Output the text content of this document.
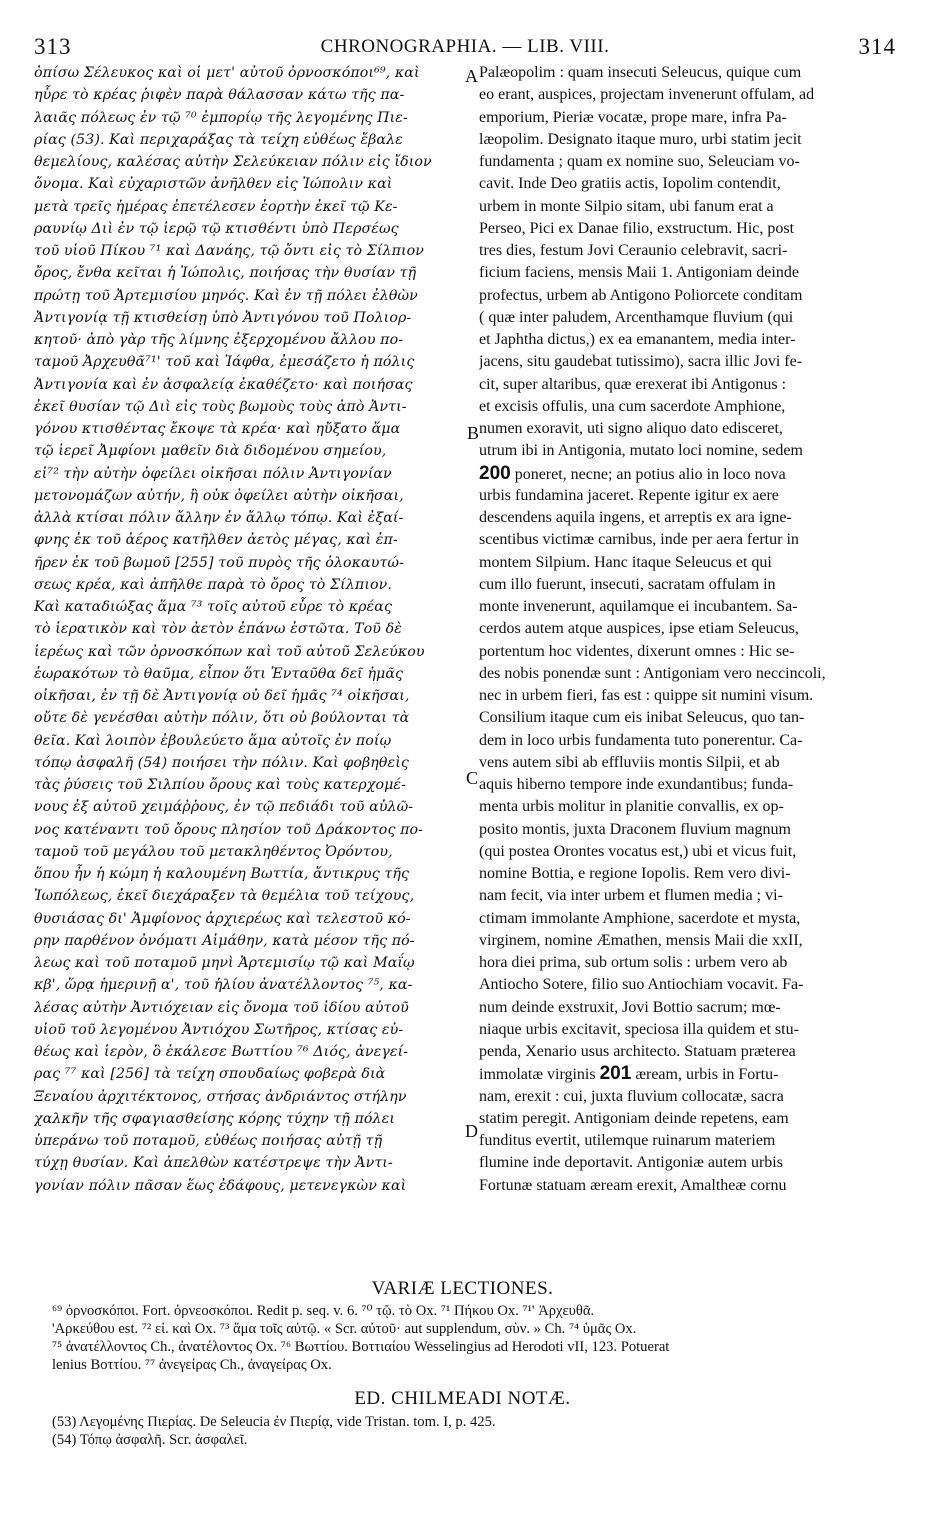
313	CHRONOGRAPHIA. — LIB. VIII.	314
ὀπίσω Σέλευκος καὶ οἱ μετ' αὐτοῦ ὀρνοσκόποι⁶⁹, καὶ
ηὗρε τὸ κρέας ῥιφὲν παρὰ θάλασσαν κάτω τῆς πα-
λαιᾶς πόλεως ἐν τῷ ⁷⁰ ἐμπορίῳ τῆς λεγομένης Πιε-
ρίας (53). Καὶ περιχαράξας τὰ τείχη εὐθέως ἔβαλε
θεμελίους, καλέσας αὐτὴν Σελεύκειαν πόλιν εἰς ἴδιον
ὄνομα. Καὶ εὐχαριστῶν ἀνῆλθεν εἰς Ἰώπολιν καὶ
μετὰ τρεῖς ἡμέρας ἐπετέλεσεν ἑορτὴν ἐκεῖ τῷ Κε-
ραυνίῳ Διὶ ἐν τῷ ἱερῷ τῷ κτισθέντι ὑπὸ Περσέως
τοῦ υἱοῦ Πίκου ⁷¹ καὶ Δανάης, τῷ ὄντι εἰς τὸ Σίλπιον
ὄρος, ἔνθα κεῖται ἡ Ἰώπολις, ποιήσας τὴν θυσίαν τῇ
πρώτῃ τοῦ Ἀρτεμισίου μηνός. Καὶ ἐν τῇ πόλει ἐλθὼν
Ἀντιγονίᾳ τῇ κτισθείσῃ ὑπὸ Ἀντιγόνου τοῦ Πολιορ-
κητοῦ· ἀπὸ γὰρ τῆς λίμνης ἐξερχομένου ἄλλου πο-
ταμοῦ Ἀρχευθᾶ⁷¹' τοῦ καὶ Ἰάφθα, ἐμεσάζετο ἡ πόλις
Ἀντιγονία καὶ ἐν ἀσφαλείᾳ ἐκαθέζετο· καὶ ποιήσας
ἐκεῖ θυσίαν τῷ Διὶ εἰς τοὺς βωμοὺς τοὺς ἀπὸ Ἀντι-
γόνου κτισθέντας ἔκοψε τὰ κρέα· καὶ ηὔξατο ἅμα
τῷ ἱερεῖ Ἀμφίονι μαθεῖν διὰ διδομένου σημείου,
εἰ⁷² τὴν αὐτὴν ὀφείλει οἰκῆσαι πόλιν Ἀντιγονίαν
μετονομάζων αὐτήν, ἢ οὐκ ὀφείλει αὐτὴν οἰκῆσαι,
ἀλλὰ κτίσαι πόλιν ἄλλην ἐν ἄλλῳ τόπῳ. Καὶ ἐξαί-
φνης ἐκ τοῦ ἀέρος κατῆλθεν ἀετὸς μέγας, καὶ ἐπ-
ῆρεν ἐκ τοῦ βωμοῦ [255] τοῦ πυρὸς τῆς ὁλοκαυτώ-
σεως κρέα, καὶ ἀπῆλθε παρὰ τὸ ὄρος τὸ Σίλπιον.
Καὶ καταδιώξας ἅμα ⁷³ τοῖς αὐτοῦ εὗρε τὸ κρέας
τὸ ἱερατικὸν καὶ τὸν ἀετὸν ἐπάνω ἑστῶτα. Τοῦ δὲ
ἱερέως καὶ τῶν ὀρνοσκόπων καὶ τοῦ αὐτοῦ Σελεύκου
ἑωρακότων τὸ θαῦμα, εἶπον ὅτι Ἐνταῦθα δεῖ ἡμᾶς
οἰκῆσαι, ἐν τῇ δὲ Ἀντιγονίᾳ οὐ δεῖ ἡμᾶς ⁷⁴ οἰκῆσαι,
οὔτε δὲ γενέσθαι αὐτὴν πόλιν, ὅτι οὐ βούλονται τὰ
θεῖα. Καὶ λοιπὸν ἐβουλεύετο ἅμα αὐτοῖς ἐν ποίῳ
τόπῳ ἀσφαλῆ (54) ποιήσει τὴν πόλιν. Καὶ φοβηθεὶς
τὰς ῥύσεις τοῦ Σιλπίου ὄρους καὶ τοὺς κατερχομέ-
νους ἐξ αὐτοῦ χειμάῤῥους, ἐν τῷ πεδιάδι τοῦ αὐλῶ-
νος κατέναντι τοῦ ὄρους πλησίον τοῦ Δράκοντος πο-
ταμοῦ τοῦ μεγάλου τοῦ μετακληθέντος Ὀρόντου,
ὅπου ἦν ἡ κώμη ἡ καλουμένη Βωττία, ἄντικρυς τῆς
Ἰωπόλεως, ἐκεῖ διεχάραξεν τὰ θεμέλια τοῦ τείχους,
θυσιάσας δι' Ἀμφίονος ἀρχιερέως καὶ τελεστοῦ κό-
ρην παρθένον ὀνόματι Αἰμάθην, κατὰ μέσον τῆς πό-
λεως καὶ τοῦ ποταμοῦ μηνὶ Ἀρτεμισίῳ τῷ καὶ Μαΐῳ
κβ', ὥρᾳ ἡμερινῇ α', τοῦ ἡλίου ἀνατέλλοντος ⁷⁵, κα-
λέσας αὐτὴν Ἀντιόχειαν εἰς ὄνομα τοῦ ἰδίου αὐτοῦ
υἱοῦ τοῦ λεγομένου Ἀντιόχου Σωτῆρος, κτίσας εὐ-
θέως καὶ ἱερὸν, ὃ ἐκάλεσε Βωττίου ⁷⁶ Διός, ἀνεγεί-
ρας ⁷⁷ καὶ [256] τὰ τείχη σπουδαίως φοβερὰ διὰ
Ξεναίου ἀρχιτέκτονος, στήσας ἀνδριάντος στήλην
χαλκῆν τῆς σφαγιασθείσης κόρης τύχην τῇ πόλει
ὑπεράνω τοῦ ποταμοῦ, εὐθέως ποιήσας αὐτῇ τῇ
τύχῃ θυσίαν. Καὶ ἀπελθὼν κατέστρεψε τὴν Ἀντι-
γονίαν πόλιν πᾶσαν ἕως ἐδάφους, μετενεγκὼν καὶ
Palæopolim : quam insecuti Seleucus, quique cum
eo erant, auspices, projectam invenerunt offulam, ad
emporium, Pieriæ vocatæ, prope mare, infra Pa-
læopolim. Designato itaque muro, urbi statim jecit
fundamenta ; quam ex nomine suo, Seleuciam vo-
cavit. Inde Deo gratiis actis, Iopolim contendit,
urbem in monte Silpio sitam, ubi fanum erat a
Perseo, Pici ex Danae filio, exstructum. Hic, post
tres dies, festum Jovi Ceraunio celebravit, sacri-
ficium faciens, mensis Maii 1. Antigoniam deinde
profectus, urbem ab Antigono Poliorcete conditam
( quæ inter paludem, Arcenthamque fluvium (qui
et Japhtha dictus,) ex ea emanantem, media inter-
jacens, situ gaudebat tutissimo), sacra illic Jovi fe-
cit, super altaribus, quæ erexerat ibi Antigonus :
et excisis offulis, una cum sacerdote Amphione,
numen exoravit, uti signo aliquo dato edisceret,
utrum ibi in Antigonia, mutato loci nomine, sedem
200 poneret, necne; an potius alio in loco nova
urbis fundamina jaceret. Repente igitur ex aere
descendens aquila ingens, et arreptis ex ara igne-
scentibus victimæ carnibus, inde per aera fertur in
montem Silpium. Hanc itaque Seleucus et qui
cum illo fuerunt, insecuti, sacratam offulam in
monte invenerunt, aquilamque ei incubantem. Sa-
cerdos autem atque auspices, ipse etiam Seleucus,
portentum hoc videntes, dixerunt omnes : Hic se-
des nobis ponendæ sunt : Antigoniam vero neccincoli,
nec in urbem fieri, fas est : quippe sit numini visum.
Consilium itaque cum eis inibat Seleucus, quo tan-
dem in loco urbis fundamenta tuto ponerentur. Ca-
vens autem sibi ab effluviis montis Silpii, et ab
aquis hiberno tempore inde exundantibus; funda-
menta urbis molitur in planitie convallis, ex op-
posito montis, juxta Draconem fluvium magnum
(qui postea Orontes vocatus est,) ubi et vicus fuit,
nomine Bottia, e regione Iopolis. Rem vero divi-
nam fecit, via inter urbem et flumen media ; vi-
ctimam immolante Amphione, sacerdote et mysta,
virginem, nomine Æmathen, mensis Maii die xxII,
hora diei prima, sub ortum solis : urbem vero ab
Antiocho Sotere, filio suo Antiochiam vocavit. Fa-
num deinde exstruxit, Jovi Bottio sacrum; mœ-
niaque urbis excitavit, speciosa illa quidem et stu-
penda, Xenario usus architecto. Statuam præterea
immolatæ virginis 201 æream, urbis in Fortu-
nam, erexit : cui, juxta fluvium collocatæ, sacra
statim peregit. Antigoniam deinde repetens, eam
funditus evertit, utilemque ruinarum materiem
flumine inde deportavit. Antigoniæ autem urbis
Fortunæ statuam æream erexit, Amaltheæ cornu
A
B
C
D
VARIÆ LECTIONES.
⁶⁹ ὀρνοσκόποι. Fort. ὀρνεοσκόποι. Redit p. seq. v. 6. ⁷⁰ τῷ. τὸ Ox. ⁷¹ Πήκου Ox. ⁷¹' Ἀρχευθᾶ.
'Αρκεύθου est. ⁷² εἰ. καὶ Ox. ⁷³ ἅμα τοῖς αὐτῷ. « Scr. αὐτοῦ· aut supplendum, σὺν. » Ch. ⁷⁴ ὑμᾶς Ox.
⁷⁵ ἀνατέλλοντος Ch., ἀνατέλοντος Ox. ⁷⁶ Βωττίου. Βοττιαίου Wesselingius ad Herodoti vII, 123. Potuerat
lenius Βοττίου. ⁷⁷ ἀνεγείρας Ch., ἀναγείρας Ox.
ED. CHILMEADI NOTÆ.
(53) Λεγομένης Πιερίας. De Seleucia ἐν Πιερίᾳ, vide Tristan. tom. I, p. 425.
(54) Τόπῳ ἀσφαλῆ. Scr. ἀσφαλεῖ.
